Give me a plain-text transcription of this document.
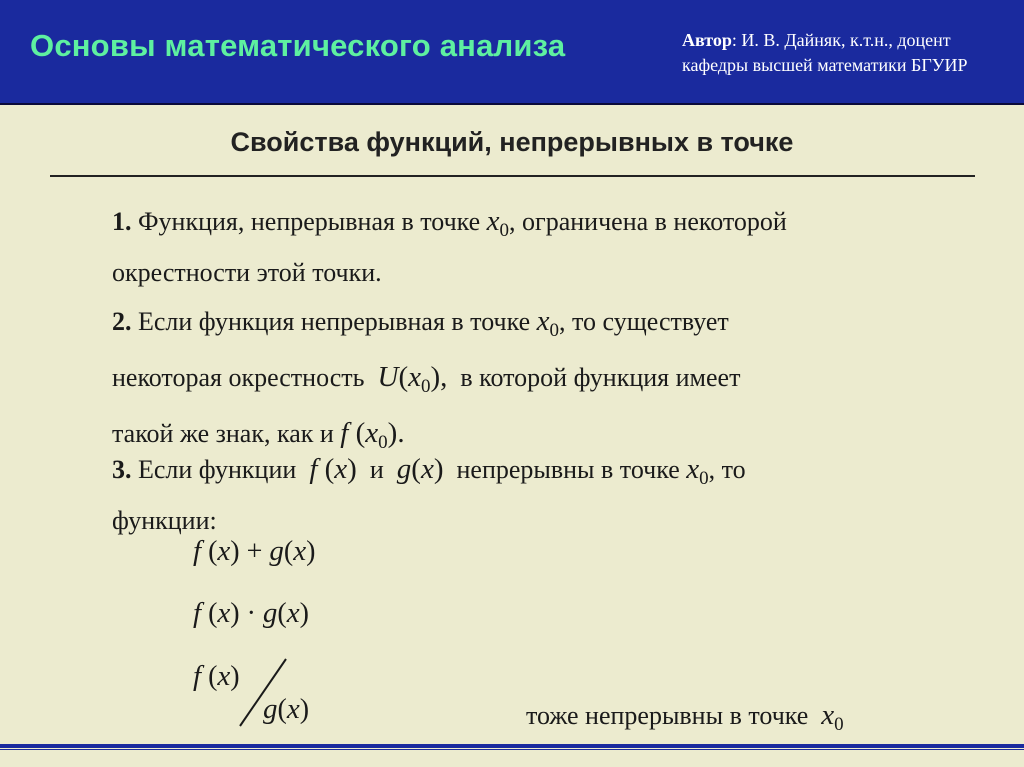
Основы математического анализа	Автор: И. В. Дайняк, к.т.н., доцент
кафедры высшей математики БГУИР
Свойства функций, непрерывных в точке
1. Функция, непрерывная в точке $x_0$, ограничена в некоторой
окрестности этой точки.
2. Если функция непрерывная в точке $x_0$, то существует
некоторая окрестность $U(x_0)$, в которой функция имеет
такой же знак, как и f $(x_0)$.
3. Если функции f (x) и g(x) непрерывны в точке $x_0$, то
функции:
f (x) + g(x)
f (x) · g(x)
f (x)
g(x)	тоже непрерывны в точке $x_0$
